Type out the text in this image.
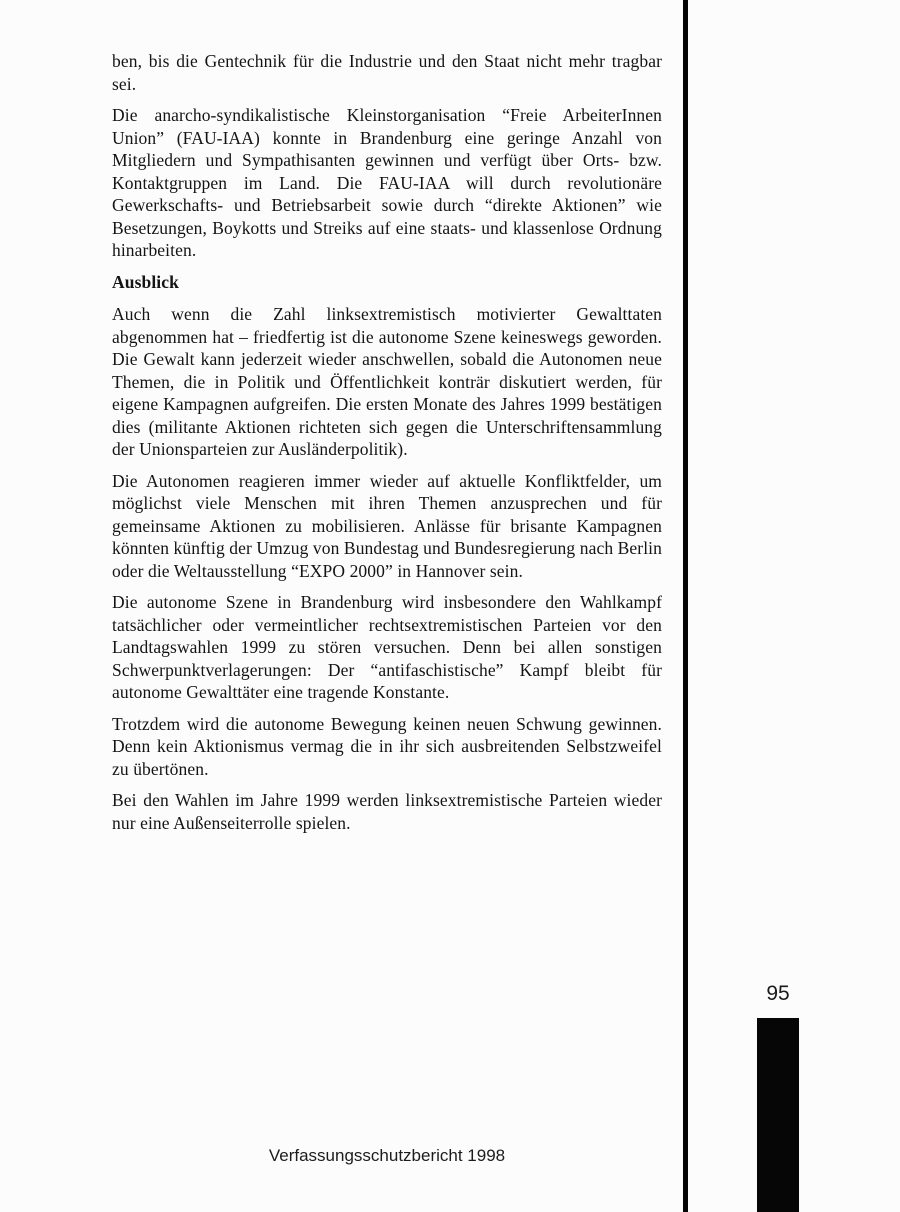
ben, bis die Gentechnik für die Industrie und den Staat nicht mehr tragbar sei.

Die anarcho-syndikalistische Kleinstorganisation “Freie ArbeiterInnen Union” (FAU-IAA) konnte in Brandenburg eine geringe Anzahl von Mitgliedern und Sympathisanten gewinnen und verfügt über Orts- bzw. Kontaktgruppen im Land. Die FAU-IAA will durch revolutionäre Gewerkschafts- und Betriebsarbeit sowie durch “direkte Aktionen” wie Besetzungen, Boykotts und Streiks auf eine staats- und klassenlose Ordnung hinarbeiten.

Ausblick

Auch wenn die Zahl linksextremistisch motivierter Gewalttaten abgenommen hat – friedfertig ist die autonome Szene keineswegs geworden. Die Gewalt kann jederzeit wieder anschwellen, sobald die Autonomen neue Themen, die in Politik und Öffentlichkeit konträr diskutiert werden, für eigene Kampagnen aufgreifen. Die ersten Monate des Jahres 1999 bestätigen dies (militante Aktionen richteten sich gegen die Unterschriftensammlung der Unionsparteien zur Ausländerpolitik).

Die Autonomen reagieren immer wieder auf aktuelle Konfliktfelder, um möglichst viele Menschen mit ihren Themen anzusprechen und für gemeinsame Aktionen zu mobilisieren. Anlässe für brisante Kampagnen könnten künftig der Umzug von Bundestag und Bundesregierung nach Berlin oder die Weltausstellung “EXPO 2000” in Hannover sein.

Die autonome Szene in Brandenburg wird insbesondere den Wahlkampf tatsächlicher oder vermeintlicher rechtsextremistischen Parteien vor den Landtagswahlen 1999 zu stören versuchen. Denn bei allen sonstigen Schwerpunktverlagerungen: Der “antifaschistische” Kampf bleibt für autonome Gewalttäter eine tragende Konstante.

Trotzdem wird die autonome Bewegung keinen neuen Schwung gewinnen. Denn kein Aktionismus vermag die in ihr sich ausbreitenden Selbstzweifel zu übertönen.

Bei den Wahlen im Jahre 1999 werden linksextremistische Parteien wieder nur eine Außenseiterrolle spielen.

95
Verfassungsschutzbericht 1998
